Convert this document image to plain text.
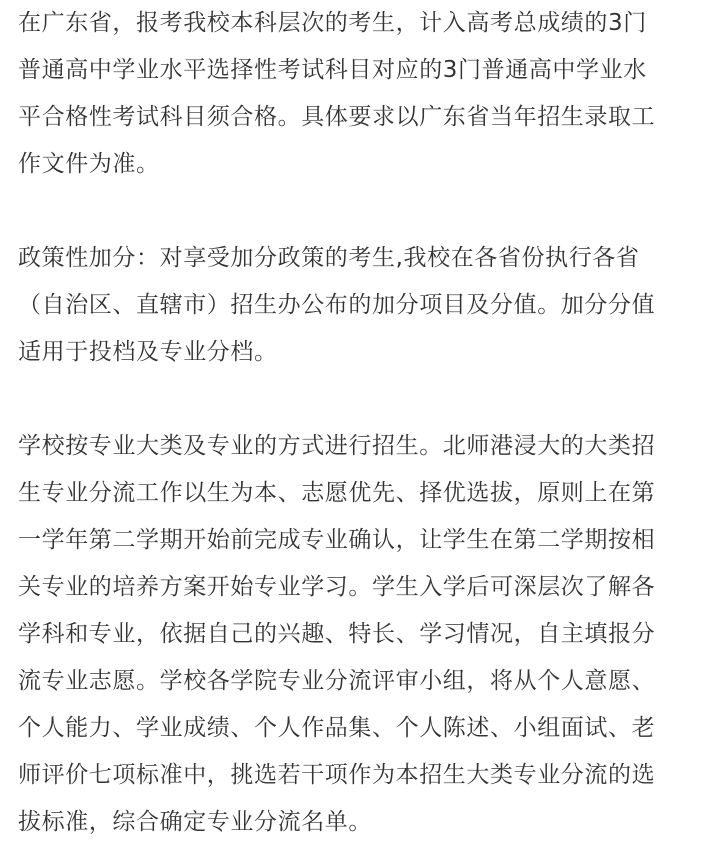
在广东省，报考我校本科层次的考生，计入高考总成绩的3门
普通高中学业水平选择性考试科目对应的3门普通高中学业水
平合格性考试科目须合格。具体要求以广东省当年招生录取工
作文件为准。
政策性加分：对享受加分政策的考生,我校在各省份执行各省
（自治区、直辖市）招生办公布的加分项目及分值。加分分值
适用于投档及专业分档。
学校按专业大类及专业的方式进行招生。北师港浸大的大类招
生专业分流工作以生为本、志愿优先、择优选拔，原则上在第
一学年第二学期开始前完成专业确认，让学生在第二学期按相
关专业的培养方案开始专业学习。学生入学后可深层次了解各
学科和专业，依据自己的兴趣、特长、学习情况，自主填报分
流专业志愿。学校各学院专业分流评审小组，将从个人意愿、
个人能力、学业成绩、个人作品集、个人陈述、小组面试、老
师评价七项标准中，挑选若干项作为本招生大类专业分流的选
拔标准，综合确定专业分流名单。
